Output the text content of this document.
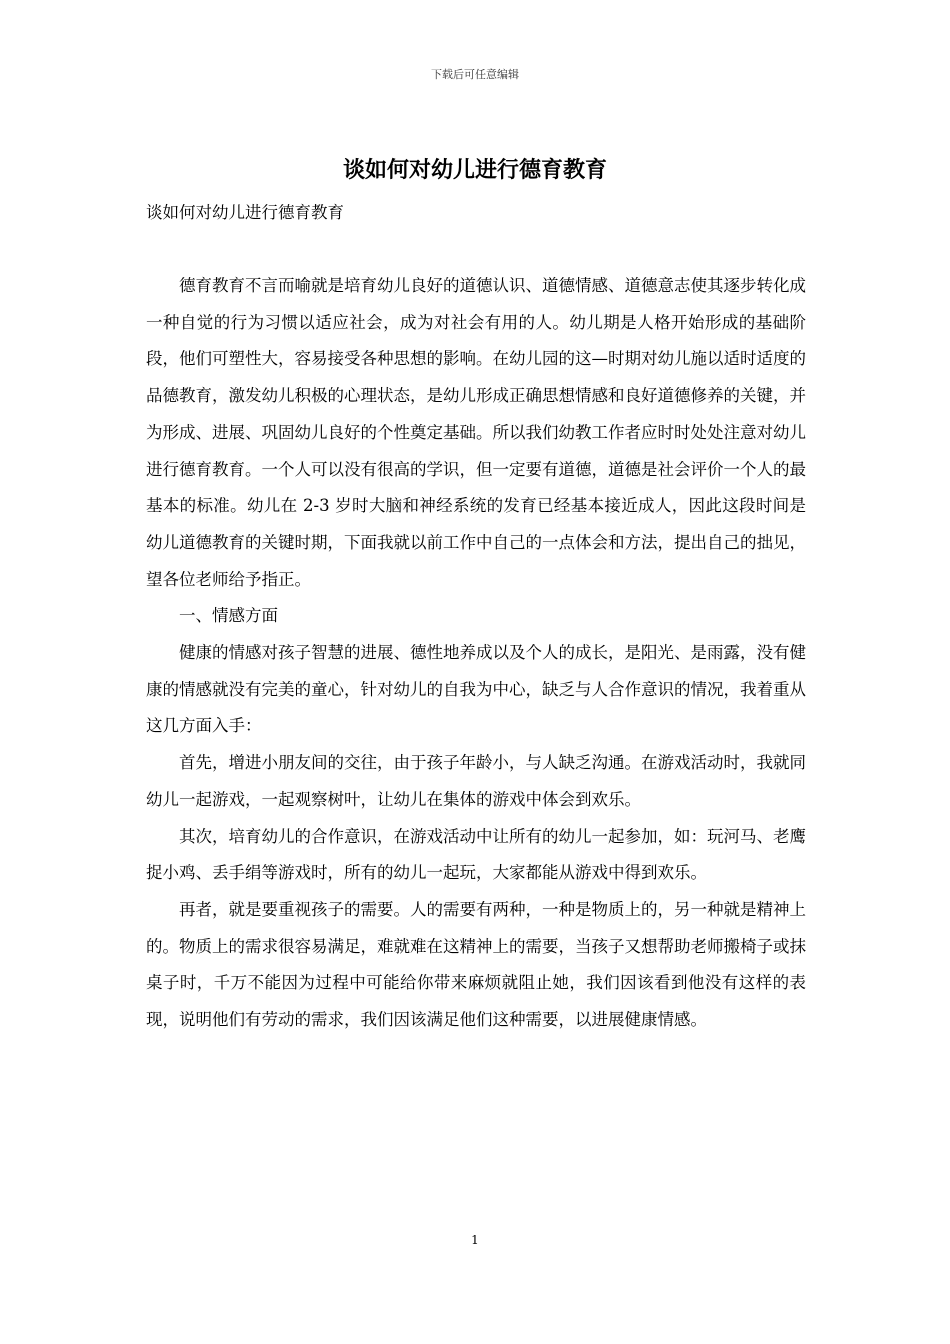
下载后可任意编辑
谈如何对幼儿进行德育教育
谈如何对幼儿进行德育教育

德育教育不言而喻就是培育幼儿良好的道德认识、道德情感、道德意志使其逐步转化成一种自觉的行为习惯以适应社会，成为对社会有用的人。幼儿期是人格开始形成的基础阶段，他们可塑性大，容易接受各种思想的影响。在幼儿园的这—时期对幼儿施以适时适度的品德教育，激发幼儿积极的心理状态，是幼儿形成正确思想情感和良好道德修养的关键，并为形成、进展、巩固幼儿良好的个性奠定基础。所以我们幼教工作者应时时处处注意对幼儿进行德育教育。一个人可以没有很高的学识，但一定要有道德，道德是社会评价一个人的最基本的标准。幼儿在 2-3 岁时大脑和神经系统的发育已经基本接近成人，因此这段时间是幼儿道德教育的关键时期，下面我就以前工作中自己的一点体会和方法，提出自己的拙见，望各位老师给予指正。

一、情感方面

健康的情感对孩子智慧的进展、德性地养成以及个人的成长，是阳光、是雨露，没有健康的情感就没有完美的童心，针对幼儿的自我为中心，缺乏与人合作意识的情况，我着重从这几方面入手：

首先，增进小朋友间的交往，由于孩子年龄小，与人缺乏沟通。在游戏活动时，我就同幼儿一起游戏，一起观察树叶，让幼儿在集体的游戏中体会到欢乐。

其次，培育幼儿的合作意识，在游戏活动中让所有的幼儿一起参加，如：玩河马、老鹰捉小鸡、丢手绢等游戏时，所有的幼儿一起玩，大家都能从游戏中得到欢乐。

再者，就是要重视孩子的需要。人的需要有两种，一种是物质上的，另一种就是精神上的。物质上的需求很容易满足，难就难在这精神上的需要，当孩子又想帮助老师搬椅子或抹桌子时，千万不能因为过程中可能给你带来麻烦就阻止她，我们因该看到他没有这样的表现，说明他们有劳动的需求，我们因该满足他们这种需要，以进展健康情感。

1
